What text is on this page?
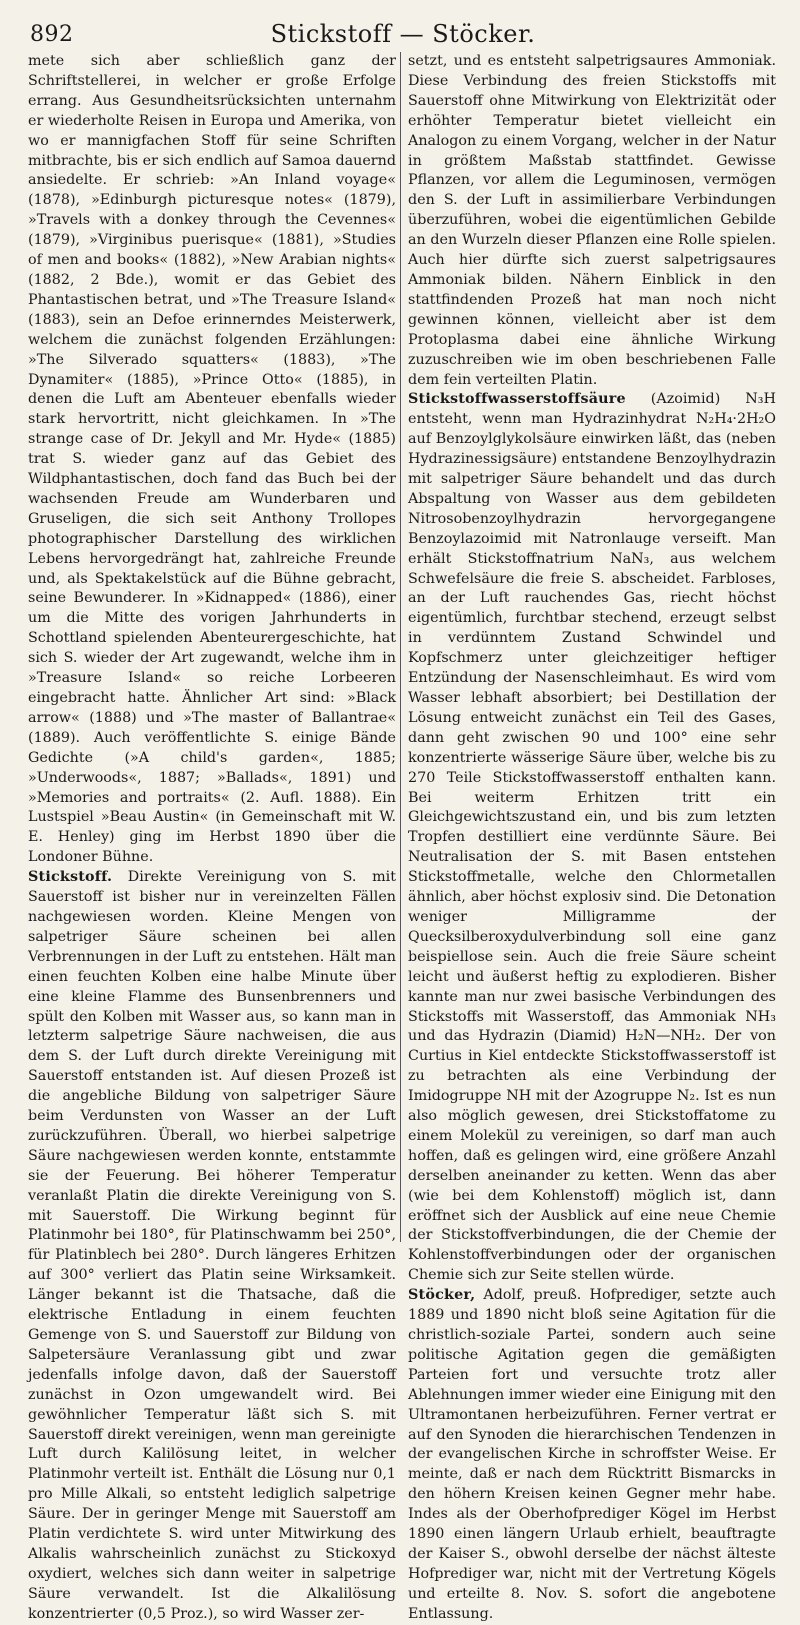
892	Stickstoff — Stöcker.

mete sich aber schließlich ganz der Schriftstellerei, in welcher er große Erfolge errang. Aus Gesundheitsrücksichten unternahm er wiederholte Reisen in Europa und Amerika, von wo er mannigfachen Stoff für seine Schriften mitbrachte, bis er sich endlich auf Samoa dauernd ansiedelte. Er schrieb: »An Inland voyage« (1878), »Edinburgh picturesque notes« (1879), »Travels with a donkey through the Cevennes« (1879), »Virginibus puerisque« (1881), »Studies of men and books« (1882), »New Arabian nights« (1882, 2 Bde.), womit er das Gebiet des Phantastischen betrat, und »The Treasure Island« (1883), sein an Defoe erinnerndes Meisterwerk, welchem die zunächst folgenden Erzählungen: »The Silverado squatters« (1883), »The Dynamiter« (1885), »Prince Otto« (1885), in denen die Luft am Abenteuer ebenfalls wieder stark hervortritt, nicht gleichkamen. In »The strange case of Dr. Jekyll and Mr. Hyde« (1885) trat S. wieder ganz auf das Gebiet des Wildphantastischen, doch fand das Buch bei der wachsenden Freude am Wunderbaren und Gruseligen, die sich seit Anthony Trollopes photographischer Darstellung des wirklichen Lebens hervorgedrängt hat, zahlreiche Freunde und, als Spektakelstück auf die Bühne gebracht, seine Bewunderer. In »Kidnapped« (1886), einer um die Mitte des vorigen Jahrhunderts in Schottland spielenden Abenteurergeschichte, hat sich S. wieder der Art zugewandt, welche ihm in »Treasure Island« so reiche Lorbeeren eingebracht hatte. Ähnlicher Art sind: »Black arrow« (1888) und »The master of Ballantrae« (1889). Auch veröffentlichte S. einige Bände Gedichte (»A child's garden«, 1885; »Underwoods«, 1887; »Ballads«, 1891) und »Memories and portraits« (2. Aufl. 1888). Ein Lustspiel »Beau Austin« (in Gemeinschaft mit W. E. Henley) ging im Herbst 1890 über die Londoner Bühne.

Stickstoff. Direkte Vereinigung von S. mit Sauerstoff ist bisher nur in vereinzelten Fällen nachgewiesen worden. Kleine Mengen von salpetriger Säure scheinen bei allen Verbrennungen in der Luft zu entstehen. Hält man einen feuchten Kolben eine halbe Minute über eine kleine Flamme des Bunsenbrenners und spült den Kolben mit Wasser aus, so kann man in letzterm salpetrige Säure nachweisen, die aus dem S. der Luft durch direkte Vereinigung mit Sauerstoff entstanden ist. Auf diesen Prozeß ist die angebliche Bildung von salpetriger Säure beim Verdunsten von Wasser an der Luft zurückzuführen. Überall, wo hierbei salpetrige Säure nachgewiesen werden konnte, entstammte sie der Feuerung. Bei höherer Temperatur veranlaßt Platin die direkte Vereinigung von S. mit Sauerstoff. Die Wirkung beginnt für Platinmohr bei 180°, für Platinschwamm bei 250°, für Platinblech bei 280°. Durch längeres Erhitzen auf 300° verliert das Platin seine Wirksamkeit. Länger bekannt ist die Thatsache, daß die elektrische Entladung in einem feuchten Gemenge von S. und Sauerstoff zur Bildung von Salpetersäure Veranlassung gibt und zwar jedenfalls infolge davon, daß der Sauerstoff zunächst in Ozon umgewandelt wird. Bei gewöhnlicher Temperatur läßt sich S. mit Sauerstoff direkt vereinigen, wenn man gereinigte Luft durch Kalilösung leitet, in welcher Platinmohr verteilt ist. Enthält die Lösung nur 0,1 pro Mille Alkali, so entsteht lediglich salpetrige Säure. Der in geringer Menge mit Sauerstoff am Platin verdichtete S. wird unter Mitwirkung des Alkalis wahrscheinlich zunächst zu Stickoxyd oxydiert, welches sich dann weiter in salpetrige Säure verwandelt. Ist die Alkalilösung konzentrierter (0,5 Proz.), so wird Wasser zer-

setzt, und es entsteht salpetrigsaures Ammoniak. Diese Verbindung des freien Stickstoffs mit Sauerstoff ohne Mitwirkung von Elektrizität oder erhöhter Temperatur bietet vielleicht ein Analogon zu einem Vorgang, welcher in der Natur in größtem Maßstab stattfindet. Gewisse Pflanzen, vor allem die Leguminosen, vermögen den S. der Luft in assimilierbare Verbindungen überzuführen, wobei die eigentümlichen Gebilde an den Wurzeln dieser Pflanzen eine Rolle spielen. Auch hier dürfte sich zuerst salpetrigsaures Ammoniak bilden. Nähern Einblick in den stattfindenden Prozeß hat man noch nicht gewinnen können, vielleicht aber ist dem Protoplasma dabei eine ähnliche Wirkung zuzuschreiben wie im oben beschriebenen Falle dem fein verteilten Platin.

Stickstoffwasserstoffsäure (Azoimid) N₃H entsteht, wenn man Hydrazinhydrat N₂H₄·2H₂O auf Benzoylglykolsäure einwirken läßt, das (neben Hydrazinessigsäure) entstandene Benzoylhydrazin mit salpetriger Säure behandelt und das durch Abspaltung von Wasser aus dem gebildeten Nitrosobenzoylhydrazin hervorgegangene Benzoylazoimid mit Natronlauge verseift. Man erhält Stickstoffnatrium NaN₃, aus welchem Schwefelsäure die freie S. abscheidet. Farbloses, an der Luft rauchendes Gas, riecht höchst eigentümlich, furchtbar stechend, erzeugt selbst in verdünntem Zustand Schwindel und Kopfschmerz unter gleichzeitiger heftiger Entzündung der Nasenschleimhaut. Es wird vom Wasser lebhaft absorbiert; bei Destillation der Lösung entweicht zunächst ein Teil des Gases, dann geht zwischen 90 und 100° eine sehr konzentrierte wässerige Säure über, welche bis zu 270 Teile Stickstoffwasserstoff enthalten kann. Bei weiterm Erhitzen tritt ein Gleichgewichtszustand ein, und bis zum letzten Tropfen destilliert eine verdünnte Säure. Bei Neutralisation der S. mit Basen entstehen Stickstoffmetalle, welche den Chlormetallen ähnlich, aber höchst explosiv sind. Die Detonation weniger Milligramme der Quecksilberoxydulverbindung soll eine ganz beispiellose sein. Auch die freie Säure scheint leicht und äußerst heftig zu explodieren. Bisher kannte man nur zwei basische Verbindungen des Stickstoffs mit Wasserstoff, das Ammoniak NH₃ und das Hydrazin (Diamid) H₂N—NH₂. Der von Curtius in Kiel entdeckte Stickstoffwasserstoff ist zu betrachten als eine Verbindung der Imidogruppe NH mit der Azogruppe N₂. Ist es nun also möglich gewesen, drei Stickstoffatome zu einem Molekül zu vereinigen, so darf man auch hoffen, daß es gelingen wird, eine größere Anzahl derselben aneinander zu ketten. Wenn das aber (wie bei dem Kohlenstoff) möglich ist, dann eröffnet sich der Ausblick auf eine neue Chemie der Stickstoffverbindungen, die der Chemie der Kohlenstoffverbindungen oder der organischen Chemie sich zur Seite stellen würde.

Stöcker, Adolf, preuß. Hofprediger, setzte auch 1889 und 1890 nicht bloß seine Agitation für die christlich-soziale Partei, sondern auch seine politische Agitation gegen die gemäßigten Parteien fort und versuchte trotz aller Ablehnungen immer wieder eine Einigung mit den Ultramontanen herbeizuführen. Ferner vertrat er auf den Synoden die hierarchischen Tendenzen in der evangelischen Kirche in schroffster Weise. Er meinte, daß er nach dem Rücktritt Bismarcks in den höhern Kreisen keinen Gegner mehr habe. Indes als der Oberhofprediger Kögel im Herbst 1890 einen längern Urlaub erhielt, beauftragte der Kaiser S., obwohl derselbe der nächst älteste Hofprediger war, nicht mit der Vertretung Kögels und erteilte 8. Nov. S. sofort die angebotene Entlassung.
